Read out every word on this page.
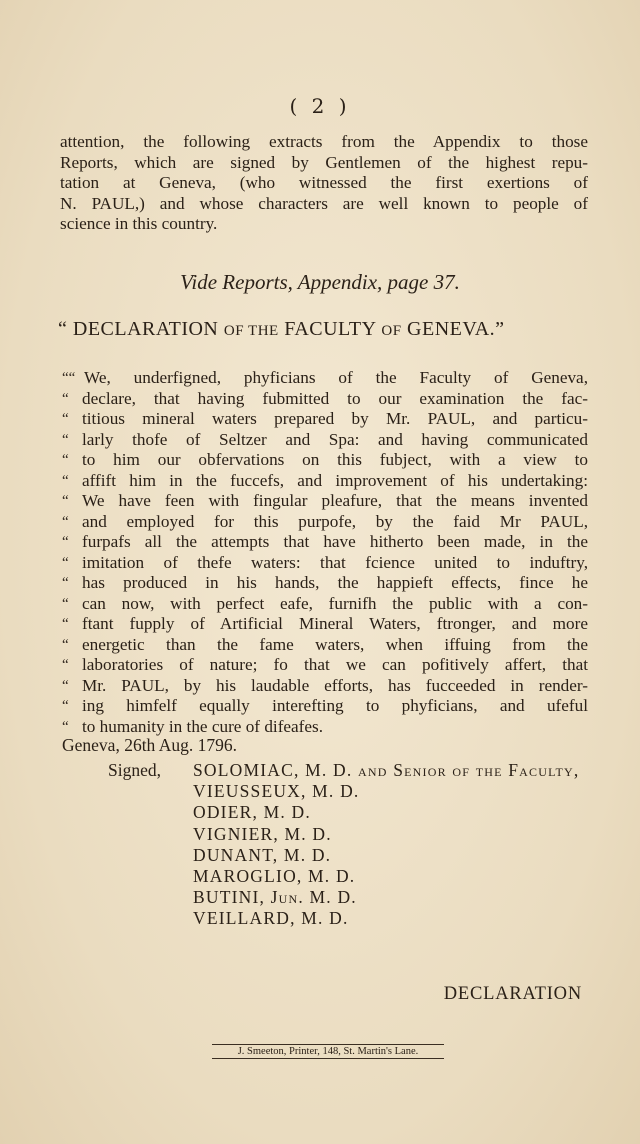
( 2 )
attention, the following extracts from the Appendix to those
Reports, which are signed by Gentlemen of the highest repu-
tation at Geneva, (who witnessed the first exertions of
N. PAUL,) and whose characters are well known to people of
science in this country.
Vide Reports, Appendix, page 37.
“ DECLARATION OF THE FACULTY OF GENEVA.”
““ We, underfigned, phyficians of the Faculty of Geneva,
“ declare, that having fubmitted to our examination the fac-
“ titious mineral waters prepared by Mr. PAUL, and particu-
“ larly thofe of Seltzer and Spa: and having communicated
“ to him our obfervations on this fubject, with a view to
“ affift him in the fuccefs, and improvement of his undertaking:
“ We have feen with fingular pleafure, that the means invented
“ and employed for this purpofe, by the faid Mr PAUL,
“ furpafs all the attempts that have hitherto been made, in the
“ imitation of thefe waters: that fcience united to induftry,
“ has produced in his hands, the happieft effects, fince he
“ can now, with perfect eafe, furnifh the public with a con-
“ ftant fupply of Artificial Mineral Waters, ftronger, and more
“ energetic than the fame waters, when iffuing from the
“ laboratories of nature; fo that we can pofitively affert, that
“ Mr. PAUL, by his laudable efforts, has fucceeded in render-
“ ing himfelf equally interefting to phyficians, and ufeful
“ to humanity in the cure of difeafes.
Geneva, 26th Aug. 1796.
Signed,	SOLOMIAC, M. D. and Senior of the Faculty,
VIEUSSEUX, M. D.
ODIER, M. D.
VIGNIER, M. D.
DUNANT, M. D.
MAROGLIO, M. D.
BUTINI, Jun. M. D.
VEILLARD, M. D.
DECLARATION
J. Smeeton, Printer, 148, St. Martin's Lane.
